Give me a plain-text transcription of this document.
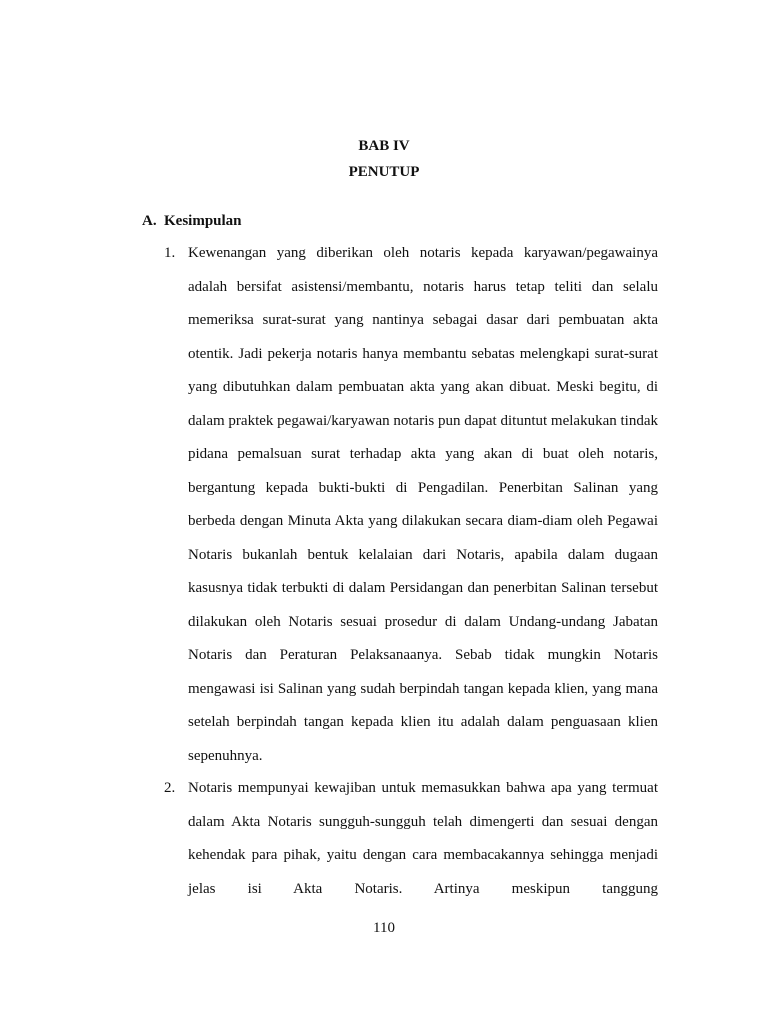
BAB IV
PENUTUP
A. Kesimpulan
1. Kewenangan yang diberikan oleh notaris kepada karyawan/pegawainya adalah bersifat asistensi/membantu, notaris harus tetap teliti dan selalu memeriksa surat-surat yang nantinya sebagai dasar dari pembuatan akta otentik. Jadi pekerja notaris hanya membantu sebatas melengkapi surat-surat yang dibutuhkan dalam pembuatan akta yang akan dibuat. Meski begitu, di dalam praktek pegawai/karyawan notaris pun dapat dituntut melakukan tindak pidana pemalsuan surat terhadap akta yang akan di buat oleh notaris, bergantung kepada bukti-bukti di Pengadilan. Penerbitan Salinan yang berbeda dengan Minuta Akta yang dilakukan secara diam-diam oleh Pegawai Notaris bukanlah bentuk kelalaian dari Notaris, apabila dalam dugaan kasusnya tidak terbukti di dalam Persidangan dan penerbitan Salinan tersebut dilakukan oleh Notaris sesuai prosedur di dalam Undang-undang Jabatan Notaris dan Peraturan Pelaksanaanya. Sebab tidak mungkin Notaris mengawasi isi Salinan yang sudah berpindah tangan kepada klien, yang mana setelah berpindah tangan kepada klien itu adalah dalam penguasaan klien sepenuhnya.
2. Notaris mempunyai kewajiban untuk memasukkan bahwa apa yang termuat dalam Akta Notaris sungguh-sungguh telah dimengerti dan sesuai dengan kehendak para pihak, yaitu dengan cara membacakannya sehingga menjadi jelas isi Akta Notaris. Artinya meskipun tanggung
110
